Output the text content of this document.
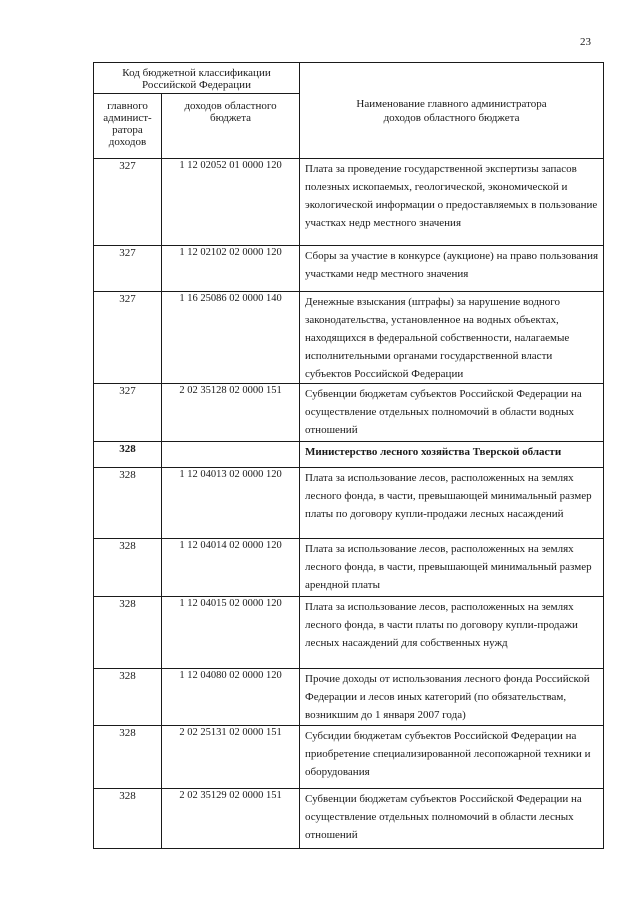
23
Код бюджетной классификации Российской Федерации		Наименование главного администратора доходов областного бюджета

главного админист-ратора доходов	доходов областного бюджета	

327	1 12 02052 01 0000 120	Плата за проведение государственной экспертизы запасов полезных ископаемых, геологической, экономической и экологической информации о предоставляемых в пользование участках недр местного значения
327	1 12 02102 02 0000 120	Сборы за участие в конкурсе (аукционе) на право пользования участками недр местного значения
327	1 16 25086 02 0000 140	Денежные взыскания (штрафы) за нарушение водного законодательства, установленное на водных объектах, находящихся в федеральной собственности, налагаемые исполнительными органами государственной власти субъектов Российской Федерации
327	2 02 35128 02 0000 151	Субвенции бюджетам субъектов Российской Федерации на осуществление отдельных полномочий в области водных отношений
328		Министерство лесного хозяйства Тверской области
328	1 12 04013 02 0000 120	Плата за использование лесов, расположенных на землях лесного фонда, в части, превышающей минимальный размер платы по договору купли-продажи лесных насаждений
328	1 12 04014 02 0000 120	Плата за использование лесов, расположенных на землях лесного фонда, в части, превышающей минимальный размер арендной платы
328	1 12 04015 02 0000 120	Плата за использование лесов, расположенных на землях лесного фонда, в части платы по договору купли-продажи лесных насаждений для собственных нужд
328	1 12 04080 02 0000 120	Прочие доходы от использования лесного фонда Российской Федерации и лесов иных категорий (по обязательствам, возникшим до 1 января 2007 года)
328	2 02 25131 02 0000 151	Субсидии бюджетам субъектов Российской Федерации на приобретение специализированной лесопожарной техники и оборудования
328	2 02 35129 02 0000 151	Субвенции бюджетам субъектов Российской Федерации на осуществление отдельных полномочий в области лесных отношений
